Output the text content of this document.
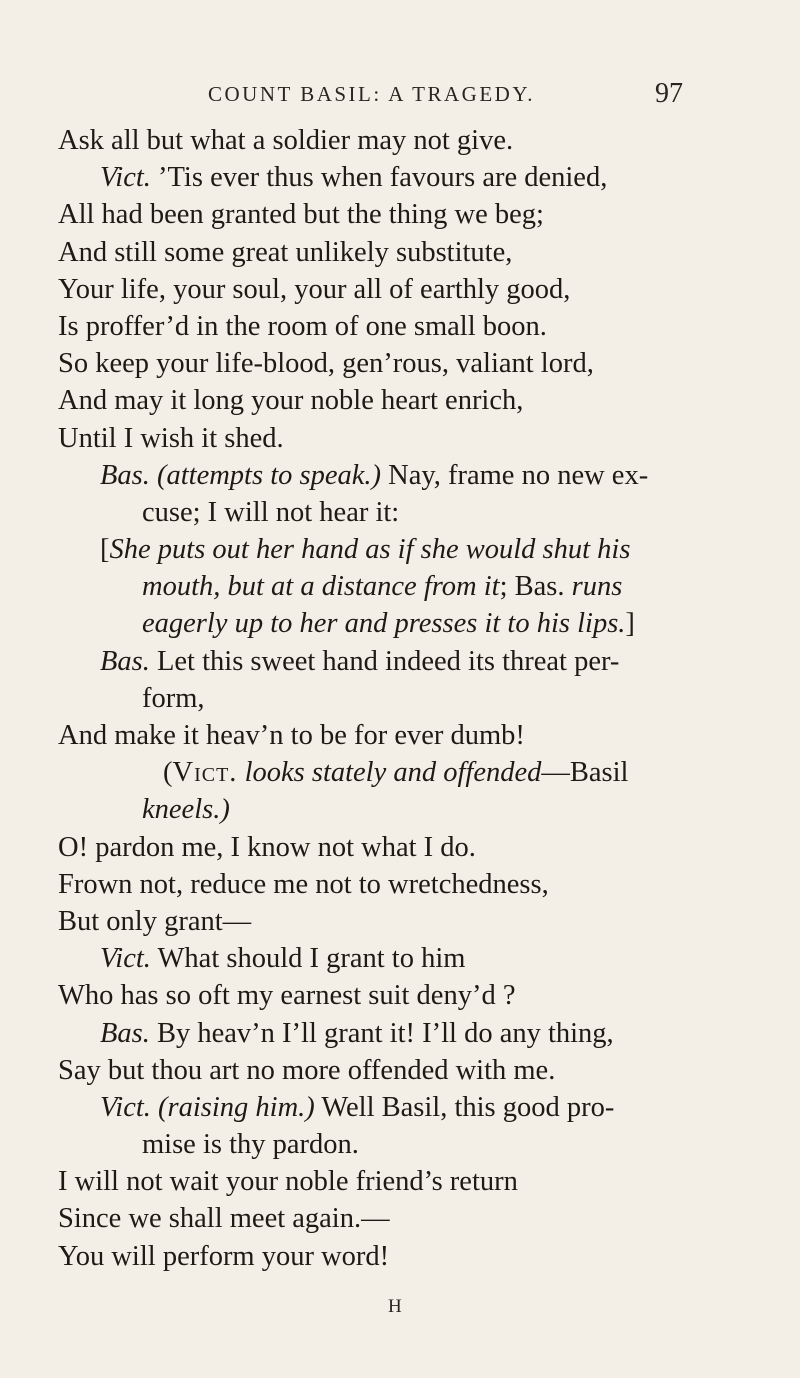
COUNT BASIL: A TRAGEDY.	97
Ask all but what a soldier may not give.
Vict. ’Tis ever thus when favours are denied,
All had been granted but the thing we beg;
And still some great unlikely substitute,
Your life, your soul, your all of earthly good,
Is proffer’d in the room of one small boon.
So keep your life-blood, gen’rous, valiant lord,
And may it long your noble heart enrich,
Until I wish it shed.
Bas. (attempts to speak.) Nay, frame no new ex-
cuse; I will not hear it:
[She puts out her hand as if she would shut his
mouth, but at a distance from it; Bas. runs
eagerly up to her and presses it to his lips.]
Bas. Let this sweet hand indeed its threat per-
form,
And make it heav’n to be for ever dumb!
(Vict. looks stately and offended—Basil
kneels.)
O! pardon me, I know not what I do.
Frown not, reduce me not to wretchedness,
But only grant—
Vict. What should I grant to him
Who has so oft my earnest suit deny’d ?
Bas. By heav’n I’ll grant it! I’ll do any thing,
Say but thou art no more offended with me.
Vict. (raising him.) Well Basil, this good pro-
mise is thy pardon.
I will not wait your noble friend’s return
Since we shall meet again.—
You will perform your word!
H
